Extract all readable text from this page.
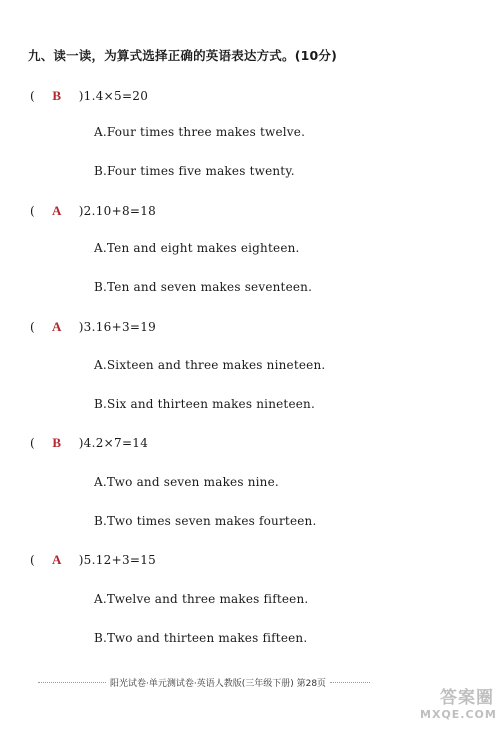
九、读一读，为算式选择正确的英语表达方式。(10分)
( B )1.4×5=20
A.Four times three makes twelve.
B.Four times five makes twenty.
( A )2.10+8=18
A.Ten and eight makes eighteen.
B.Ten and seven makes seventeen.
( A )3.16+3=19
A.Sixteen and three makes nineteen.
B.Six and thirteen makes nineteen.
( B )4.2×7=14
A.Two and seven makes nine.
B.Two times seven makes fourteen.
( A )5.12+3=15
A.Twelve and three makes fifteen.
B.Two and thirteen makes fifteen.
阳光试卷·单元测试卷·英语人教版(三年级下册) 第28页
答案圈
MXQE.COM
